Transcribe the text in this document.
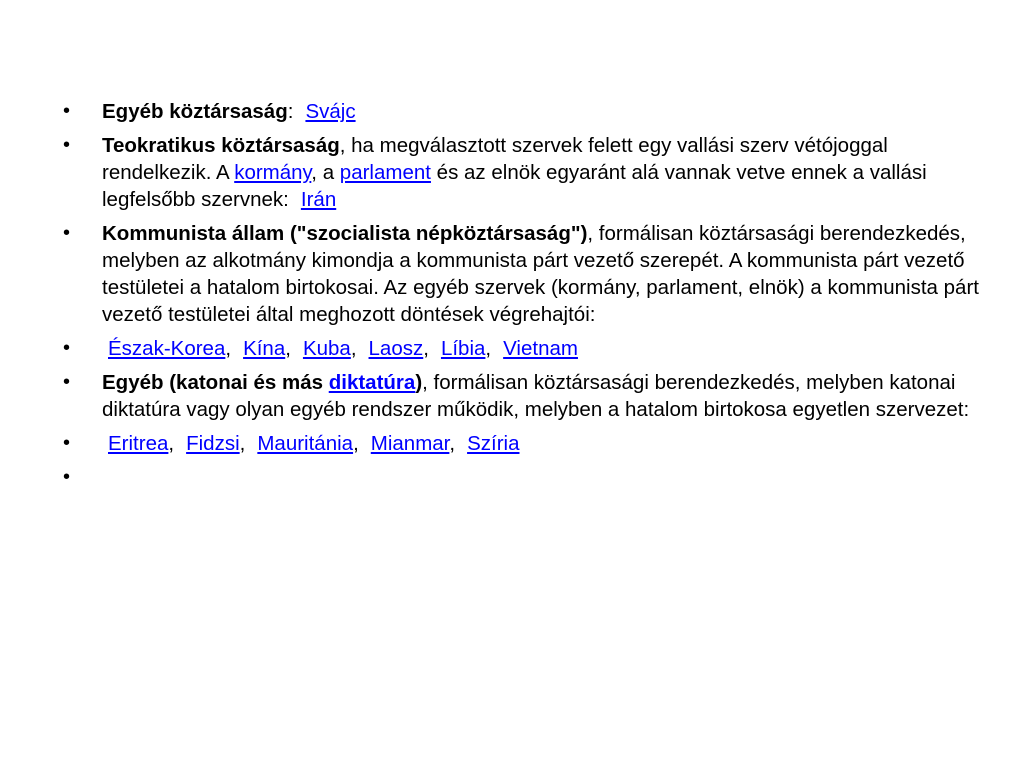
• Egyéb köztársaság: Svájc
• Teokratikus köztársaság, ha megválasztott szervek felett egy vallási szerv vétójoggal rendelkezik. A kormány, a parlament és az elnök egyaránt alá vannak vetve ennek a vallási legfelsőbb szervnek: Irán
• Kommunista állam ("szocialista népköztársaság"), formálisan köztársasági berendezkedés, melyben az alkotmány kimondja a kommunista párt vezető szerepét. A kommunista párt vezető testületei a hatalom birtokosai. Az egyéb szervek (kormány, parlament, elnök) a kommunista párt vezető testületei által meghozott döntések végrehajtói:
• Észak-Korea, Kína, Kuba, Laosz, Líbia, Vietnam
• Egyéb (katonai és más diktatúra), formálisan köztársasági berendezkedés, melyben katonai diktatúra vagy olyan egyéb rendszer működik, melyben a hatalom birtokosa egyetlen szervezet:
• Eritrea, Fidzsi, Mauritánia, Mianmar, Szíria
•
